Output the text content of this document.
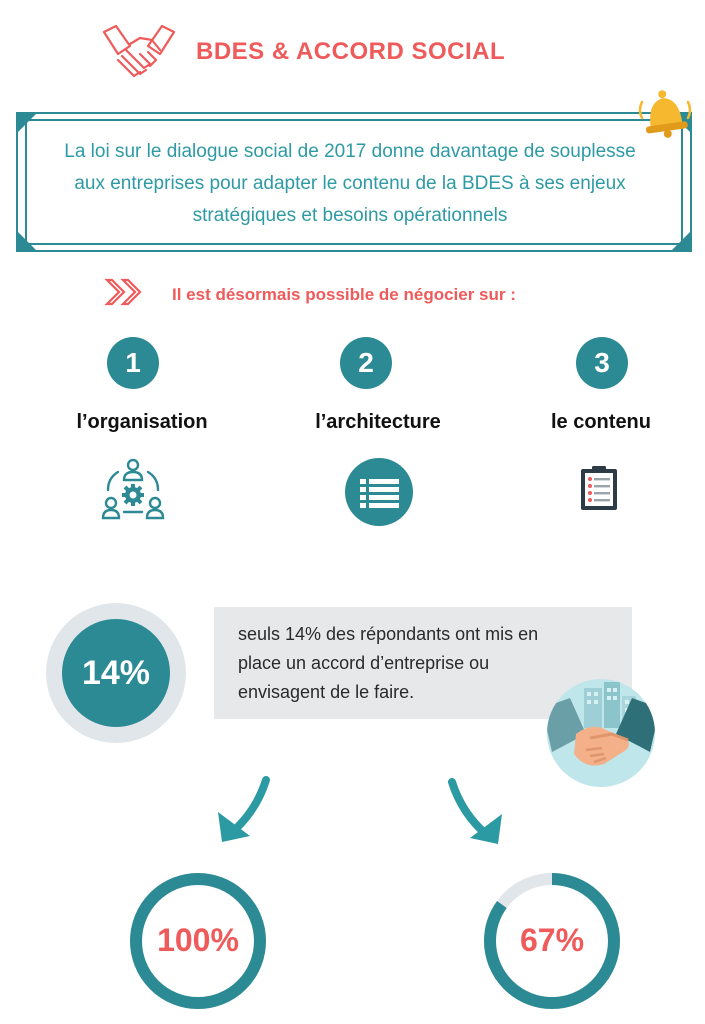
BDES & ACCORD SOCIAL
La loi sur le dialogue social de 2017 donne davantage de souplesse aux entreprises pour adapter le contenu de la BDES à ses enjeux stratégiques et besoins opérationnels
Il est désormais possible de négocier sur :
1	2	3
l’organisation	l’architecture	le contenu
14%
seuls 14% des répondants ont mis en place un accord d’entreprise ou envisagent de le faire.
100%	67%
